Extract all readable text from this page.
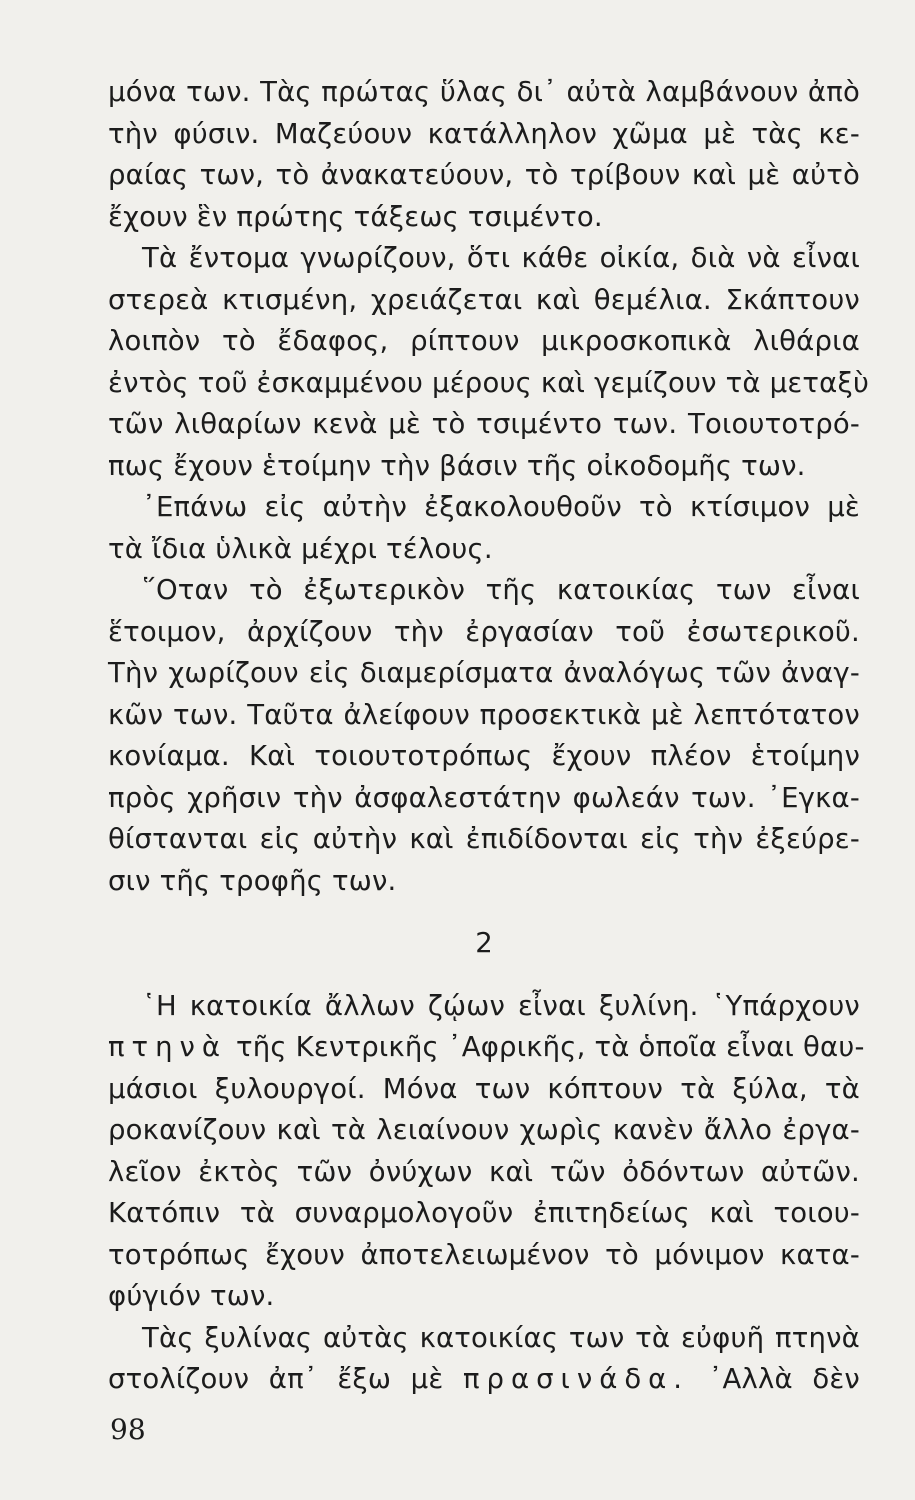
μόνα των. Τὰς πρώτας ὕλας δι᾽ αὐτὰ λαμβάνουν ἀπὸ
τὴν φύσιν. Μαζεύουν κατάλληλον χῶμα μὲ τὰς κε-
ραίας των, τὸ ἀνακατεύουν, τὸ τρίβουν καὶ μὲ αὐτὸ
ἔχουν ἓν πρώτης τάξεως τσιμέντο.
Τὰ ἔντομα γνωρίζουν, ὅτι κάθε οἰκία, διὰ νὰ εἶναι
στερεὰ κτισμένη, χρειάζεται καὶ θεμέλια. Σκάπτουν
λοιπὸν τὸ ἔδαφος, ρίπτουν μικροσκοπικὰ λιθάρια
ἐντὸς τοῦ ἐσκαμμένου μέρους καὶ γεμίζουν τὰ μεταξὺ
τῶν λιθαρίων κενὰ μὲ τὸ τσιμέντο των. Τοιουτοτρό-
πως ἔχουν ἑτοίμην τὴν βάσιν τῆς οἰκοδομῆς των.
᾽Επάνω εἰς αὐτὴν ἐξακολουθοῦν τὸ κτίσιμον μὲ
τὰ ἴδια ὑλικὰ μέχρι τέλους.
῞Οταν τὸ ἐξωτερικὸν τῆς κατοικίας των εἶναι
ἕτοιμον, ἀρχίζουν τὴν ἐργασίαν τοῦ ἐσωτερικοῦ.
Τὴν χωρίζουν εἰς διαμερίσματα ἀναλόγως τῶν ἀναγ-
κῶν των. Ταῦτα ἀλείφουν προσεκτικὰ μὲ λεπτότατον
κονίαμα. Καὶ τοιουτοτρόπως ἔχουν πλέον ἑτοίμην
πρὸς χρῆσιν τὴν ἀσφαλεστάτην φωλεάν των. ᾽Εγκα-
θίστανται εἰς αὐτὴν καὶ ἐπιδίδονται εἰς τὴν ἐξεύρε-
σιν τῆς τροφῆς των.
2
῾Η κατοικία ἄλλων ζῴων εἶναι ξυλίνη. ῾Υπάρχουν
πτηνὰ τῆς Κεντρικῆς ᾽Αφρικῆς, τὰ ὁποῖα εἶναι θαυ-
μάσιοι ξυλουργοί. Μόνα των κόπτουν τὰ ξύλα, τὰ
ροκανίζουν καὶ τὰ λειαίνουν χωρὶς κανὲν ἄλλο ἐργα-
λεῖον ἐκτὸς τῶν ὀνύχων καὶ τῶν ὀδόντων αὐτῶν.
Κατόπιν τὰ συναρμολογοῦν ἐπιτηδείως καὶ τοιου-
τοτρόπως ἔχουν ἀποτελειωμένον τὸ μόνιμον κατα-
φύγιόν των.
Τὰς ξυλίνας αὐτὰς κατοικίας των τὰ εὐφυῆ πτηνὰ
στολίζουν ἀπ᾽ ἔξω μὲ πρασινάδα. ᾽Αλλὰ δὲν
98
